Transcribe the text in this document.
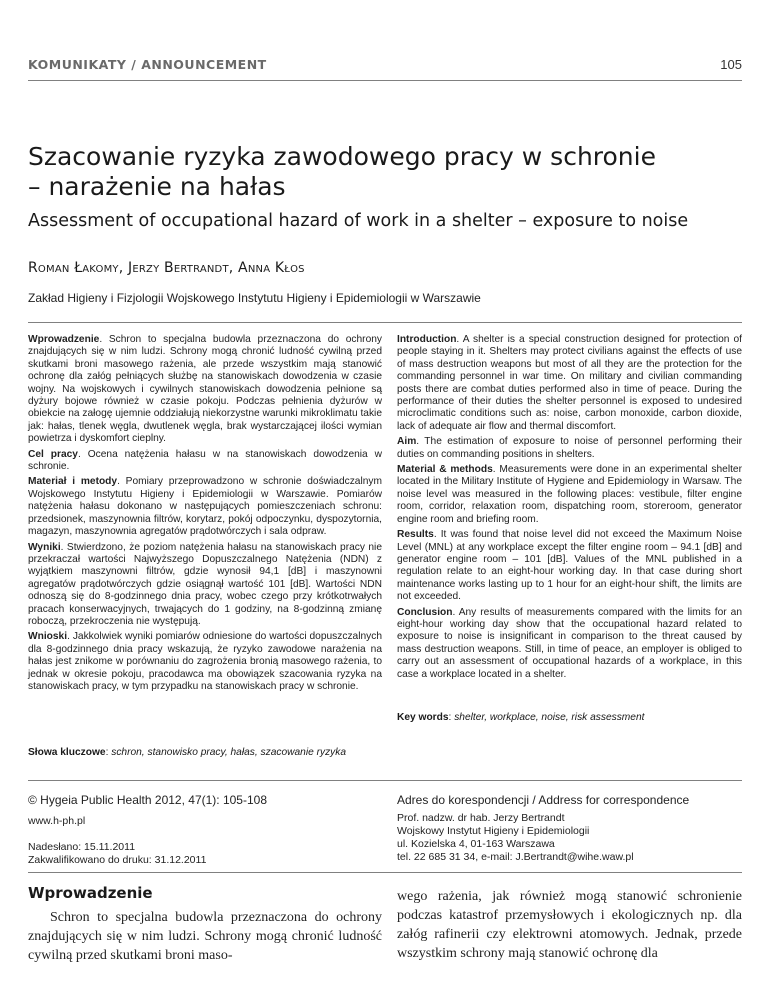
KOMUNIKATY / ANNOUNCEMENT	105
Szacowanie ryzyka zawodowego pracy w schronie
– narażenie na hałas
Assessment of occupational hazard of work in a shelter – exposure to noise
Roman Łakomy, Jerzy Bertrandt, Anna Kłos
Zakład Higieny i Fizjologii Wojskowego Instytutu Higieny i Epidemiologii w Warszawie

Wprowadzenie. Schron to specjalna budowla przeznaczona do ochrony znajdujących się w nim ludzi. Schrony mogą chronić ludność cywilną przed skutkami broni masowego rażenia, ale przede wszystkim mają stanowić ochronę dla załóg pełniących służbę na stanowiskach dowodzenia w czasie wojny. Na wojskowych i cywilnych stanowiskach dowodzenia pełnione są dyżury bojowe również w czasie pokoju. Podczas pełnienia dyżurów w obiekcie na załogę ujemnie oddziałują niekorzystne warunki mikroklimatu takie jak: hałas, tlenek węgla, dwutlenek węgla, brak wystarczającej ilości wymian powietrza i dyskomfort cieplny.

Cel pracy. Ocena natężenia hałasu w na stanowiskach dowodzenia w schronie.

Materiał i metody. Pomiary przeprowadzono w schronie doświadczalnym Wojskowego Instytutu Higieny i Epidemiologii w Warszawie. Pomiarów natężenia hałasu dokonano w następujących pomieszczeniach schronu: przedsionek, maszynownia filtrów, korytarz, pokój odpoczynku, dyspozytornia, magazyn, maszynownia agregatów prądotwórczych i sala odpraw.

Wyniki. Stwierdzono, że poziom natężenia hałasu na stanowiskach pracy nie przekraczał wartości Najwyższego Dopuszczalnego Natężenia (NDN) z wyjątkiem maszynowni filtrów, gdzie wynosił 94,1 [dB] i maszynowni agregatów prądotwórczych gdzie osiągnął wartość 101 [dB]. Wartości NDN odnoszą się do 8-godzinnego dnia pracy, wobec czego przy krótkotrwałych pracach konserwacyjnych, trwających do 1 godziny, na 8-godzinną zmianę roboczą, przekroczenia nie występują.

Wnioski. Jakkolwiek wyniki pomiarów odniesione do wartości dopuszczalnych dla 8-godzinnego dnia pracy wskazują, że ryzyko zawodowe narażenia na hałas jest znikome w porównaniu do zagrożenia bronią masowego rażenia, to jednak w okresie pokoju, pracodawca ma obowiązek szacowania ryzyka na stanowiskach pracy, w tym przypadku na stanowiskach pracy w schronie.

Słowa kluczowe: schron, stanowisko pracy, hałas, szacowanie ryzyka

Introduction. A shelter is a special construction designed for protection of people staying in it. Shelters may protect civilians against the effects of use of mass destruction weapons but most of all they are the protection for the commanding personnel in war time. On military and civilian commanding posts there are combat duties performed also in time of peace. During the performance of their duties the shelter personnel is exposed to undesired microclimatic conditions such as: noise, carbon monoxide, carbon dioxide, lack of adequate air flow and thermal discomfort.

Aim. The estimation of exposure to noise of personnel performing their duties on commanding positions in shelters.

Material & methods. Measurements were done in an experimental shelter located in the Military Institute of Hygiene and Epidemiology in Warsaw. The noise level was measured in the following places: vestibule, filter engine room, corridor, relaxation room, dispatching room, storeroom, generator engine room and briefing room.

Results. It was found that noise level did not exceed the Maximum Noise Level (MNL) at any workplace except the filter engine room – 94.1 [dB] and generator engine room – 101 [dB]. Values of the MNL published in a regulation relate to an eight-hour working day. In that case during short maintenance works lasting up to 1 hour for an eight-hour shift, the limits are not exceeded.

Conclusion. Any results of measurements compared with the limits for an eight-hour working day show that the occupational hazard related to exposure to noise is insignificant in comparison to the threat caused by mass destruction weapons. Still, in time of peace, an employer is obliged to carry out an assessment of occupational hazards of a workplace, in this case a workplace located in a shelter.

Key words: shelter, workplace, noise, risk assessment
© Hygeia Public Health 2012, 47(1): 105-108
www.h-ph.pl
Nadesłano: 15.11.2011
Zakwalifikowano do druku: 31.12.2011
Adres do korespondencji / Address for correspondence
Prof. nadzw. dr hab. Jerzy Bertrandt
Wojskowy Instytut Higieny i Epidemiologii
ul. Kozielska 4, 01-163 Warszawa
tel. 22 685 31 34, e-mail: J.Bertrandt@wihe.waw.pl
Wprowadzenie

Schron to specjalna budowla przeznaczona do ochrony znajdujących się w nim ludzi. Schrony mogą chronić ludność cywilną przed skutkami broni maso-

wego rażenia, jak również mogą stanowić schronienie podczas katastrof przemysłowych i ekologicznych np. dla załóg rafinerii czy elektrowni atomowych. Jednak, przede wszystkim schrony mają stanowić ochronę dla
